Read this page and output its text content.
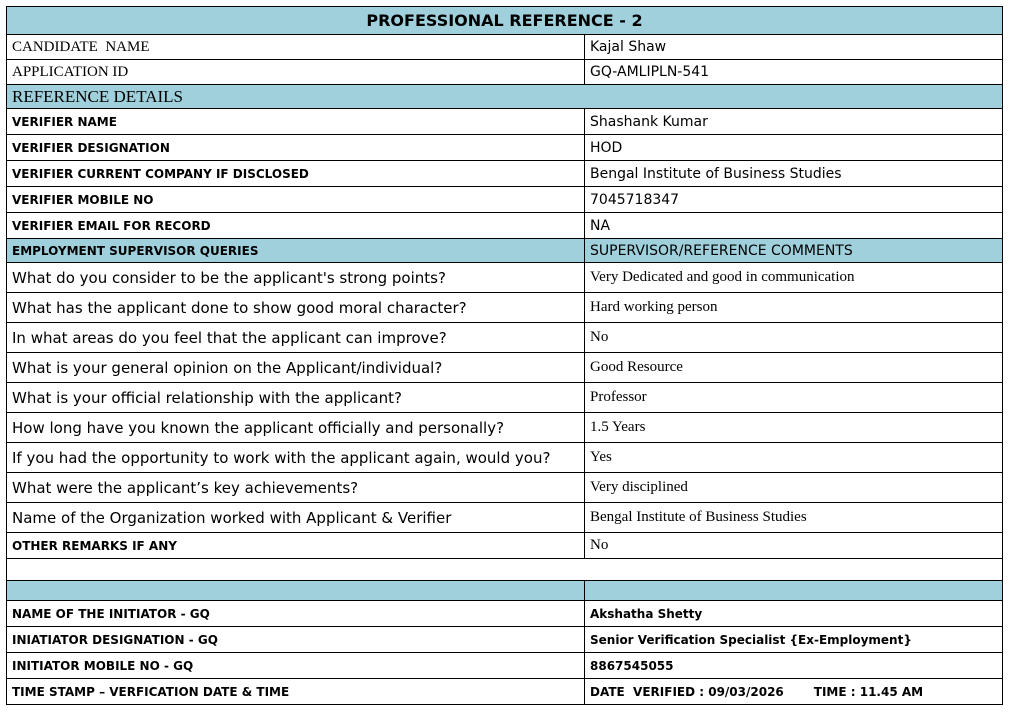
PROFESSIONAL REFERENCE - 2	
CANDIDATE  NAME	Kajal Shaw
APPLICATION ID	GQ-AMLIPLN-541
REFERENCE DETAILS	
VERIFIER NAME	Shashank Kumar
VERIFIER DESIGNATION	HOD
VERIFIER CURRENT COMPANY IF DISCLOSED	Bengal Institute of Business Studies
VERIFIER MOBILE NO	7045718347
VERIFIER EMAIL FOR RECORD	NA
EMPLOYMENT SUPERVISOR QUERIES	SUPERVISOR/REFERENCE COMMENTS
What do you consider to be the applicant's strong points?	Very Dedicated and good in communication
What has the applicant done to show good moral character?	Hard working person
In what areas do you feel that the applicant can improve?	No
What is your general opinion on the Applicant/individual?	Good Resource
What is your official relationship with the applicant?	Professor
How long have you known the applicant officially and personally?	1.5 Years
If you had the opportunity to work with the applicant again, would you?	Yes
What were the applicant’s key achievements?	Very disciplined
Name of the Organization worked with Applicant & Verifier	Bengal Institute of Business Studies
OTHER REMARKS IF ANY	No

NAME OF THE INITIATOR - GQ	Akshatha Shetty
INIATIATOR DESIGNATION - GQ	Senior Verification Specialist {Ex-Employment}
INITIATOR MOBILE NO - GQ	8867545055
TIME STAMP – VERFICATION DATE & TIME	DATE  VERIFIED : 09/03/2026 TIME : 11.45 AM
